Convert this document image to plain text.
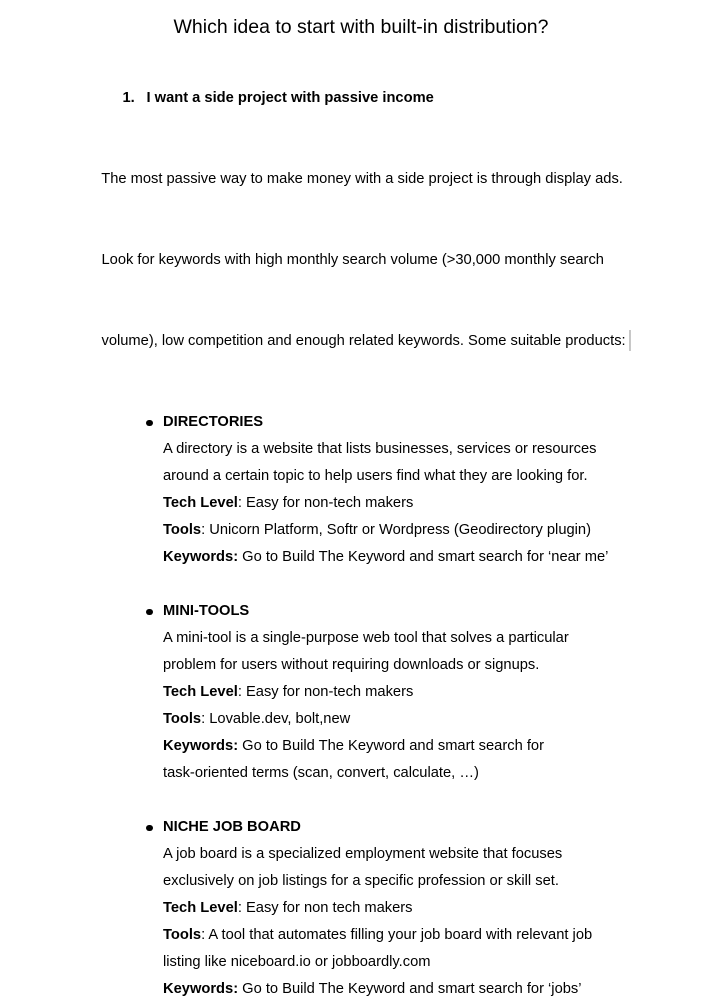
Which idea to start with built-in distribution?

1. I want a side project with passive income

The most passive way to make money with a side project is through display ads.

Look for keywords with high monthly search volume (>30,000 monthly search

volume), low competition and enough related keywords. Some suitable products:

DIRECTORIES
A directory is a website that lists businesses, services or resources
around a certain topic to help users find what they are looking for.
Tech Level: Easy for non-tech makers
Tools: Unicorn Platform, Softr or Wordpress (Geodirectory plugin)
Keywords: Go to Build The Keyword and smart search for ‘near me’
MINI-TOOLS
A mini-tool is a single-purpose web tool that solves a particular
problem for users without requiring downloads or signups.
Tech Level: Easy for non-tech makers
Tools: Lovable.dev, bolt,new
Keywords: Go to Build The Keyword and smart search for
task-oriented terms (scan, convert, calculate, …)
NICHE JOB BOARD
A job board is a specialized employment website that focuses
exclusively on job listings for a specific profession or skill set.
Tech Level: Easy for non tech makers
Tools: A tool that automates filling your job board with relevant job
listing like niceboard.io or jobboardly.com
Keywords: Go to Build The Keyword and smart search for ‘jobs’
